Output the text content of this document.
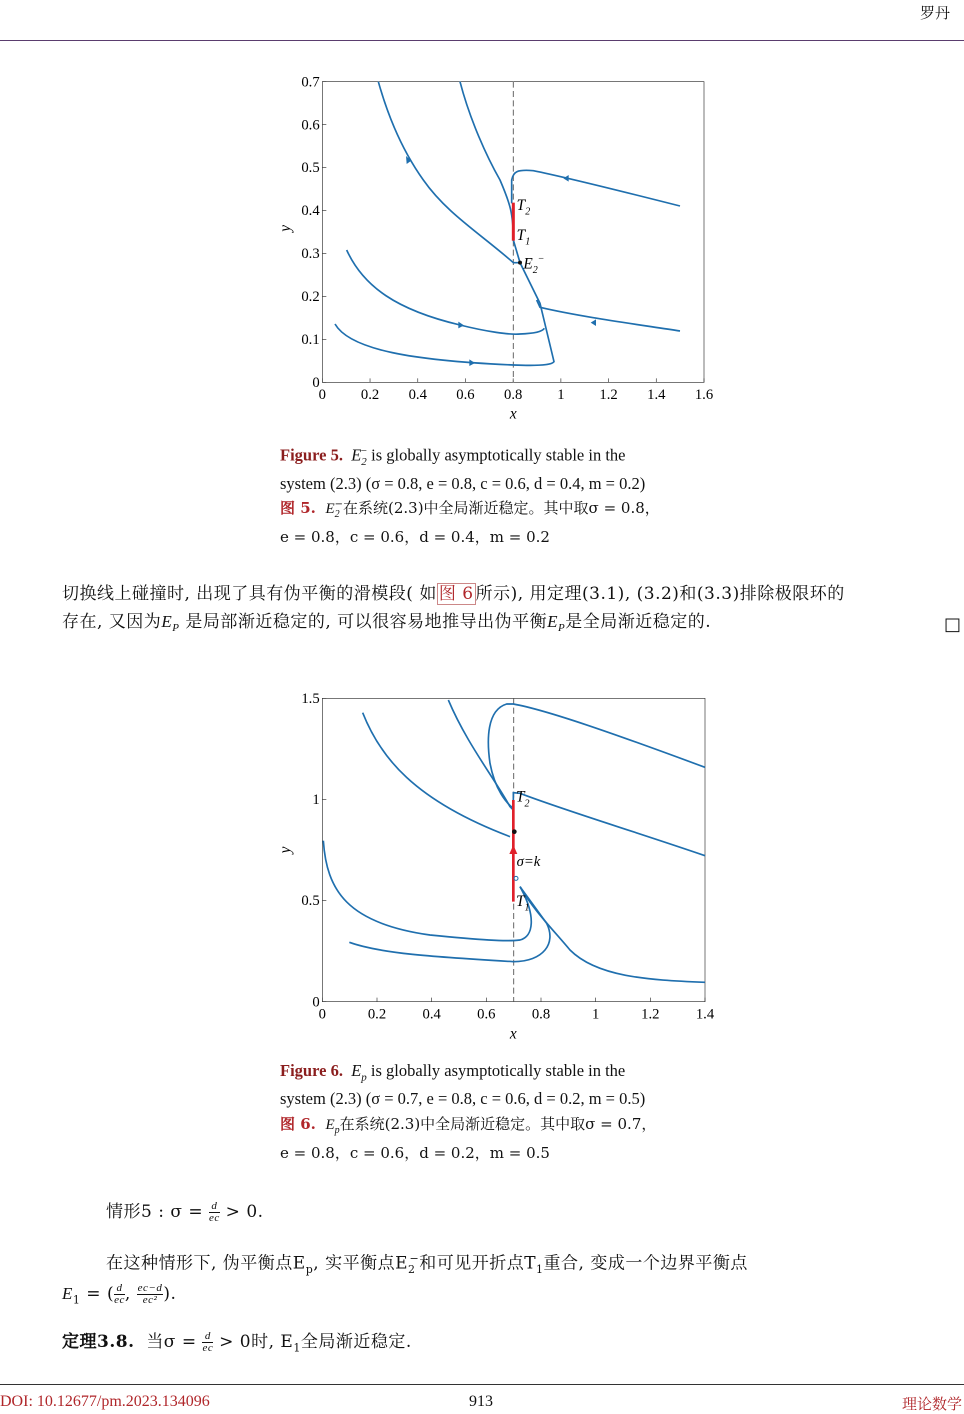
罗丹
0 0.2 0.4 0.6 0.8 1 1.2 1.4 1.6
0
0.1
0.2
0.3
0.4
0.5
0.6
0.7
$T_2$
$T_1$
$E_2^-$
x
y
Figure 5. $E_2^-$ is globally asymptotically stable in the
system (2.3) (σ = 0.8, e = 0.8, c = 0.6, d = 0.4, m = 0.2)
图 5. $E_2^-$在系统(2.3)中全局渐近稳定。其中取σ = 0.8，
e = 0.8，c = 0.6，d = 0.4，m = 0.2
切换线上碰撞时, 出现了具有伪平衡的滑模段( 如 图 6 所示), 用定理(3.1), (3.2)和(3.3)排除极限环的
存在, 又因为$E_P$ 是局部渐近稳定的, 可以很容易地推导出伪平衡$E_P$是全局渐近稳定的.	□
0 0.2 0.4 0.6 0.8 1 1.2 1.4
0
0.5
1
1.5
$T_2$
σ=k
$T_1$
x
y
Figure 6. $E_p$ is globally asymptotically stable in the
system (2.3) (σ = 0.7, e = 0.8, c = 0.6, d = 0.2, m = 0.5)
图 6. $E_p$在系统(2.3)中全局渐近稳定。其中取σ = 0.7，
e = 0.8，c = 0.6，d = 0.2，m = 0.5
情形5 : $\sigma = \frac{d}{ec} > 0$.
在这种情形下, 伪平衡点$E_p$, 实平衡点$E_2^-$和可见开折点$T_1$重合, 变成一个边界平衡点
$E_1$ = ( $\frac{d}{ec}$ , $\frac{ec-d}{\text{ec²}}$ ).
定理3.8. 当$\sigma = \frac{d}{ec} > 0$时, $E_1$全局渐近稳定.
DOI: 10.12677/pm.2023.134096	913	理论数学
